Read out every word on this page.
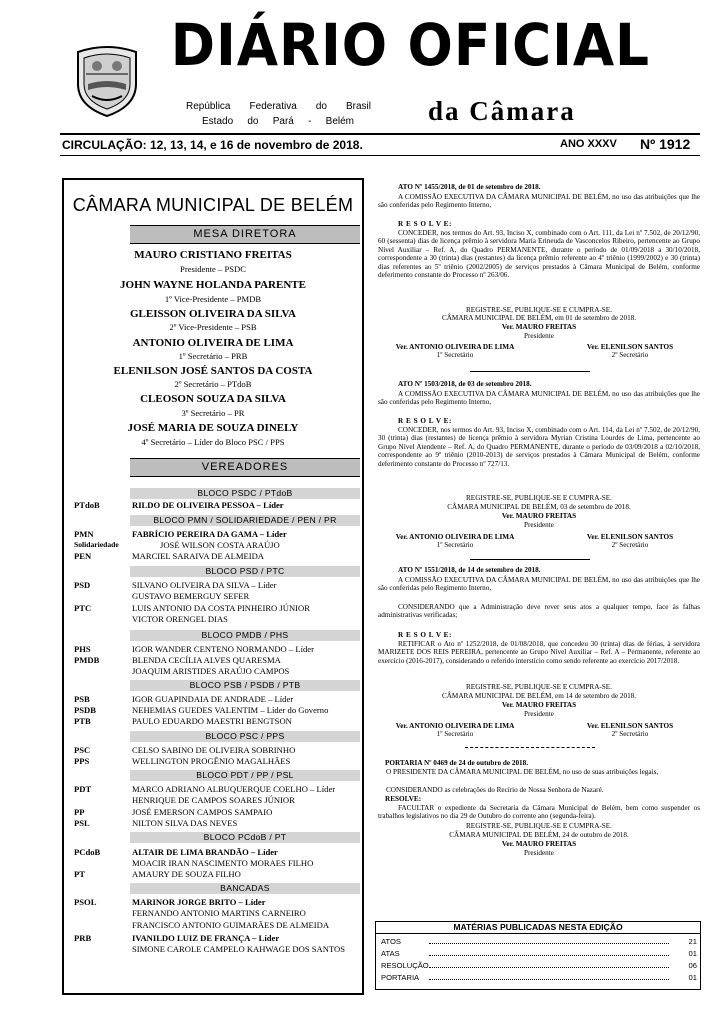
DIÁRIO OFICIAL
República Federativa do Brasil
Estado do Pará - Belém	da Câmara
CIRCULAÇÃO: 12, 13, 14, e 16 de novembro de 2018.	ANO XXXV Nº 1912
CÂMARA MUNICIPAL DE BELÉM
MESA DIRETORA
MAURO CRISTIANO FREITAS
Presidente – PSDC
JOHN WAYNE HOLANDA PARENTE
1º Vice-Presidente – PMDB
GLEISSON OLIVEIRA DA SILVA
2º Vice-Presidente – PSB
ANTONIO OLIVEIRA DE LIMA
1º Secretário – PRB
ELENILSON JOSÉ SANTOS DA COSTA
2º Secretário – PTdoB
CLEOSON SOUZA DA SILVA
3º Secretário – PR
JOSÉ MARIA DE SOUZA DINELY
4º Secretário – Líder do Bloco PSC / PPS
VEREADORES
BLOCO PSDC / PTdoB
PTdoB	RILDO DE OLIVEIRA PESSOA – Líder
BLOCO PMN / SOLIDARIEDADE / PEN / PR
PMN	FABRÍCIO PEREIRA DA GAMA – Líder
Solidariedade	JOSÉ WILSON COSTA ARAÚJO
PEN	MARCIEL SARAIVA DE ALMEIDA
BLOCO PSD / PTC
PSD	SILVANO OLIVEIRA DA SILVA – Líder
GUSTAVO BEMERGUY SEFER
PTC	LUIS ANTONIO DA COSTA PINHEIRO JÚNIOR
VICTOR ORENGEL DIAS
BLOCO PMDB / PHS
PHS	IGOR WANDER CENTENO NORMANDO – Líder
PMDB	BLENDA CECÍLIA ALVES QUARESMA
JOAQUIM ARISTIDES ARAÚJO CAMPOS
BLOCO PSB / PSDB / PTB
PSB	IGOR GUAPINDAIA DE ANDRADE – Líder
PSDB	NEHEMIAS GUEDES VALENTIM – Líder do Governo
PTB	PAULO EDUARDO MAESTRI BENGTSON
BLOCO PSC / PPS
PSC	CELSO SABINO DE OLIVEIRA SOBRINHO
PPS	WELLINGTON PROGÊNIO MAGALHÃES
BLOCO PDT / PP / PSL
PDT	MARCO ADRIANO ALBUQUERQUE COELHO – Líder
HENRIQUE DE CAMPOS SOARES JÚNIOR
PP	JOSÉ EMERSON CAMPOS SAMPAIO
PSL	NILTON SILVA DAS NEVES
BLOCO PCdoB / PT
PCdoB	ALTAIR DE LIMA BRANDÃO – Líder
MOACIR IRAN NASCIMENTO MORAES FILHO
PT	AMAURY DE SOUZA FILHO
BANCADAS
PSOL	MARINOR JORGE BRITO – Líder
FERNANDO ANTONIO MARTINS CARNEIRO
FRANCISCO ANTONIO GUIMARÃES DE ALMEIDA
PRB	IVANILDO LUIZ DE FRANÇA – Líder
SIMONE CAROLE CAMPELO KAHWAGE DOS SANTOS
ATO Nº 1455/2018, de 01 de setembro de 2018.
A COMISSÃO EXECUTIVA DA CÂMARA MUNICIPAL DE BELÉM, no uso das atribuições que lhe são conferidas pelo Regimento Interno,
R E S O L V E:
CONCEDER, nos termos do Art. 93, Inciso X, combinado com o Art. 111, da Lei nº 7.502, de 20/12/90, 60 (sessenta) dias de licença prêmio à servidora Maria Erineuda de Vasconcelos Ribeiro, pertencente ao Grupo Nível Auxiliar – Ref. A, do Quadro PERMANENTE, durante o período de 01/09/2018 a 30/10/2018, correspondente a 30 (trinta) dias (restantes) da licença prêmio referente ao 4º triênio (1999/2002) e 30 (trinta) dias referentes ao 5º triênio (2002/2005) de serviços prestados à Câmara Municipal de Belém, conforme deferimento constante do Processo nº 263/06.
REGISTRE-SE, PUBLIQUE-SE E CUMPRA-SE.
CÂMARA MUNICIPAL DE BELÉM, em 01 de setembro de 2018.
Ver. MAURO FREITAS
Presidente
Ver. ANTONIO OLIVEIRA DE LIMA
1º Secretário
Ver. ELENILSON SANTOS
2º Secretário
ATO Nº 1503/2018, de 03 de setembro 2018.
A COMISSÃO EXECUTIVA DA CÂMARA MUNICIPAL DE BELÉM, no uso das atribuições que lhe são conferidas pelo Regimento Interno,
R E S O L V E:
CONCEDER, nos termos do Art. 93, Inciso X, combinado com o Art. 114, da Lei nº 7.502, de 20/12/90, 30 (trinta) dias (restantes) de licença prêmio à servidora Myrian Cristina Lourdes de Lima, pertencente ao Grupo Nível Atendente – Ref. A, do Quadro PERMANENTE, durante o período de 03/09/2018 a 02/10/2018, correspondente ao 9º triênio (2010-2013) de serviços prestados à Câmara Municipal de Belém, conforme deferimento constante do Processo nº 727/13.
REGISTRE-SE, PUBLIQUE-SE E CUMPRA-SE.
CÂMARA MUNICIPAL DE BELÉM, 03 de setembro de 2018.
Ver. MAURO FREITAS
Presidente
Ver. ANTONIO OLIVEIRA DE LIMA
1º Secretário
Ver. ELENILSON SANTOS
2º Secretário
ATO Nº 1551/2018, de 14 de setembro de 2018.
A COMISSÃO EXECUTIVA DA CÂMARA MUNICIPAL DE BELÉM, no uso das atribuições que lhe são conferidas pelo Regimento Interno,
CONSIDERANDO que a Administração deve rever seus atos a qualquer tempo, face às falhas administrativas verificadas;
R E S O L V E:
RETIFICAR o Ato nº 1252/2018, de 01/08/2018, que concedeu 30 (trinta) dias de férias, à servidora MARIZETE DOS REIS PEREIRA, pertencente ao Grupo Nível Auxiliar – Ref. A – Permanente, referente ao exercício (2016-2017), considerando o referido interstício como sendo referente ao exercício 2017/2018.
REGISTRE-SE, PUBLIQUE-SE E CUMPRA-SE.
CÂMARA MUNICIPAL DE BELÉM, em 14 de setembro de 2018.
Ver. MAURO FREITAS
Presidente
Ver. ANTONIO OLIVEIRA DE LIMA
1º Secretário
Ver. ELENILSON SANTOS
2º Secretário
PORTARIA Nº 0469 de 24 de outubro de 2018.
O PRESIDENTE DA CÂMARA MUNICIPAL DE BELÉM, no uso de suas atribuições legais,
CONSIDERANDO as celebrações do Recírio de Nossa Senhora de Nazaré.
RESOLVE:
FACULTAR o expediente da Secretaria da Câmara Municipal de Belém, bem como suspender os trabalhos legislativos no dia 29 de Outubro do corrente ano (segunda-feira).
REGISTRE-SE, PUBLIQUE-SE E CUMPRA-SE.
CÂMARA MUNICIPAL DE BELÉM, 24 de outubro de 2018.
Ver. MAURO FREITAS
Presidente
MATÉRIAS PUBLICADAS NESTA EDIÇÃO
ATOS	21
ATAS	01
RESOLUÇÃO	06
PORTARIA	01
